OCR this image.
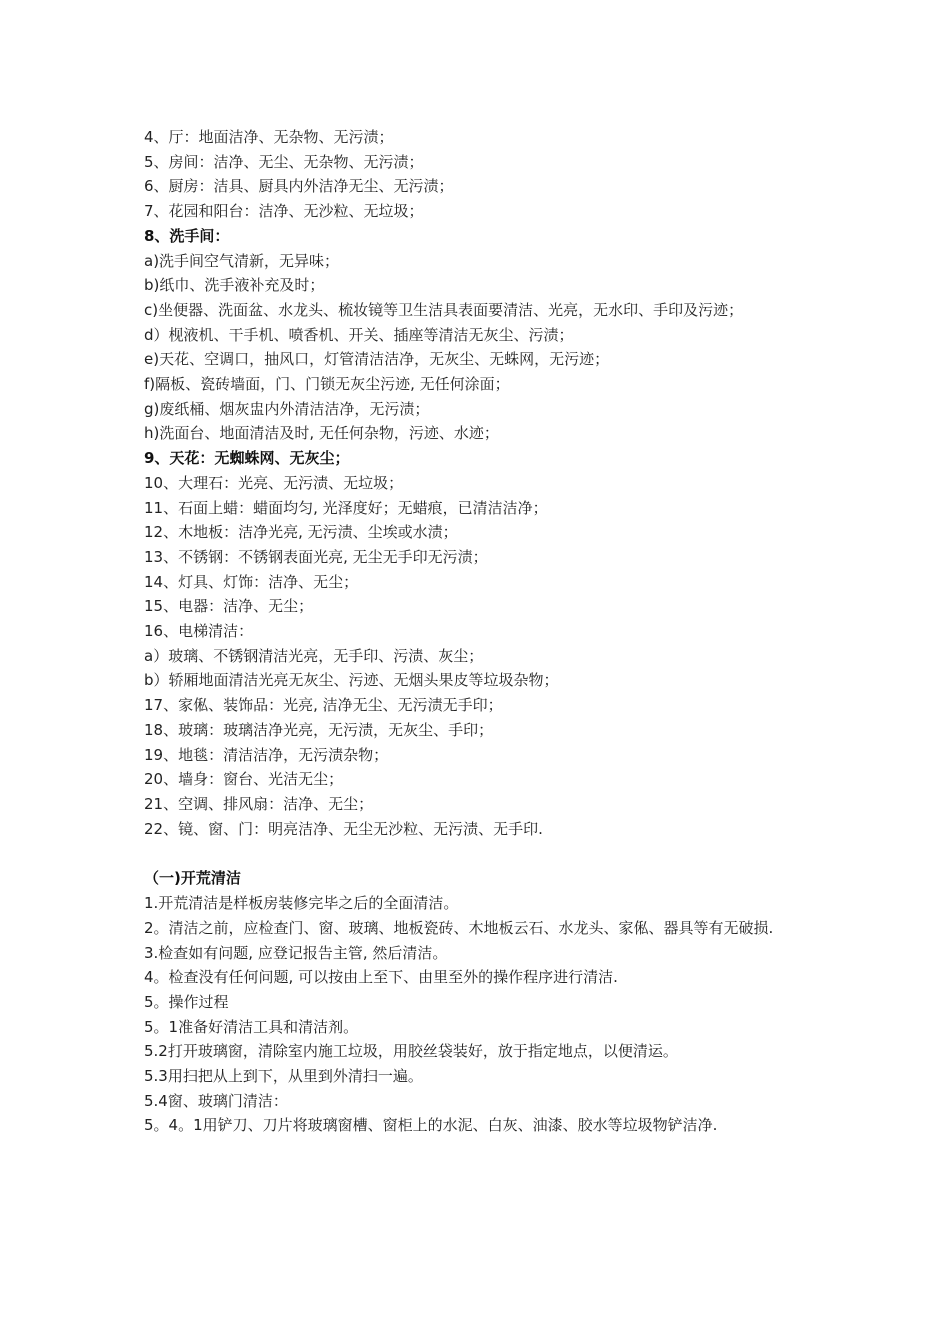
4、厅：地面洁净、无杂物、无污渍；

5、房间：洁净、无尘、无杂物、无污渍；

6、厨房：洁具、厨具内外洁净无尘、无污渍；

7、花园和阳台：洁净、无沙粒、无垃圾；

8、洗手间：

a)洗手间空气清新，无异味；

b)纸巾、洗手液补充及时；

c)坐便器、洗面盆、水龙头、梳妆镜等卫生洁具表面要清洁、光亮，无水印、手印及污迹；

d）枧液机、干手机、喷香机、开关、插座等清洁无灰尘、污渍；

e)天花、空调口，抽风口，灯管清洁洁净，无灰尘、无蛛网，无污迹；

f)隔板、瓷砖墙面，门、门锁无灰尘污迹, 无任何涂面；

g)废纸桶、烟灰盅内外清洁洁净，无污渍；

h)洗面台、地面清洁及时, 无任何杂物，污迹、水迹；

9、天花：无蜘蛛网、无灰尘；

10、大理石：光亮、无污渍、无垃圾；

11、石面上蜡：蜡面均匀, 光泽度好；无蜡痕，已清洁洁净；

12、木地板：洁净光亮, 无污渍、尘埃或水渍；

13、不锈钢：不锈钢表面光亮, 无尘无手印无污渍；

14、灯具、灯饰：洁净、无尘；

15、电器：洁净、无尘；

16、电梯清洁：

a）玻璃、不锈钢清洁光亮，无手印、污渍、灰尘；

b）轿厢地面清洁光亮无灰尘、污迹、无烟头果皮等垃圾杂物；

17、家俬、装饰品：光亮, 洁净无尘、无污渍无手印；

18、玻璃：玻璃洁净光亮，无污渍，无灰尘、手印；

19、地毯：清洁洁净，无污渍杂物；

20、墙身：窗台、光洁无尘；

21、空调、排风扇：洁净、无尘；

22、镜、窗、门：明亮洁净、无尘无沙粒、无污渍、无手印.

（一)开荒清洁

1.开荒清洁是样板房装修完毕之后的全面清洁。

2。清洁之前，应检查门、窗、玻璃、地板瓷砖、木地板云石、水龙头、家俬、器具等有无破损.

3.检查如有问题, 应登记报告主管, 然后清洁。

4。检查没有任何问题, 可以按由上至下、由里至外的操作程序进行清洁.

5。操作过程

5。1准备好清洁工具和清洁剂。

5.2打开玻璃窗，清除室内施工垃圾，用胶丝袋装好，放于指定地点，以便清运。

5.3用扫把从上到下，从里到外清扫一遍。

5.4窗、玻璃门清洁：

5。4。1用铲刀、刀片将玻璃窗槽、窗柜上的水泥、白灰、油漆、胶水等垃圾物铲洁净.
